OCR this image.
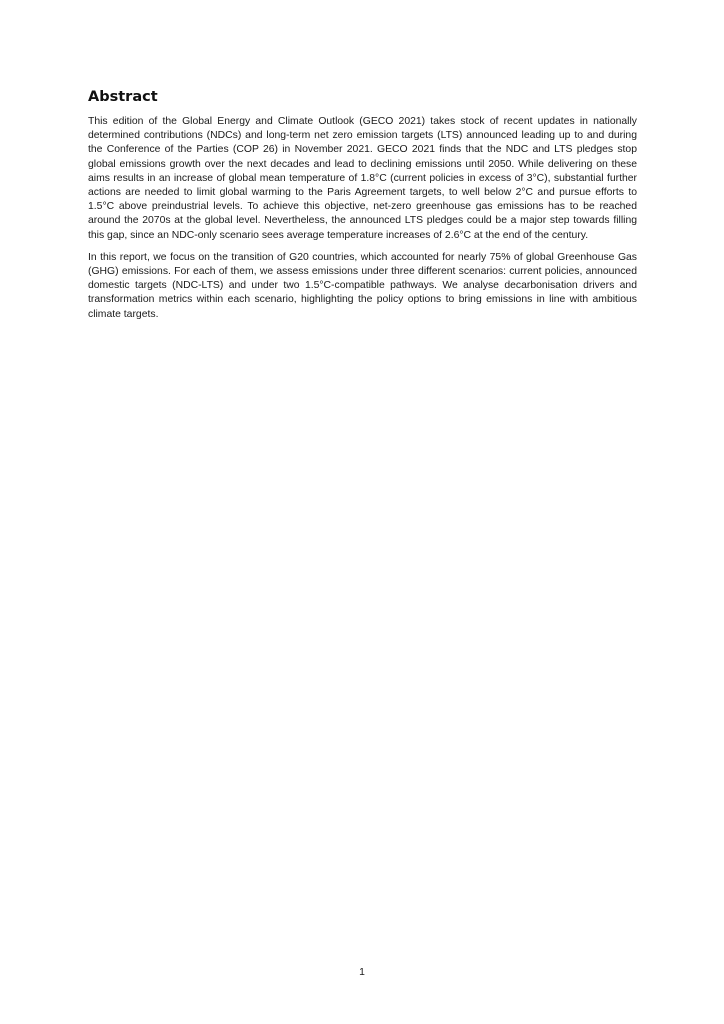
Abstract

This edition of the Global Energy and Climate Outlook (GECO 2021) takes stock of recent updates in nationally determined contributions (NDCs) and long-term net zero emission targets (LTS) announced leading up to and during the Conference of the Parties (COP 26) in November 2021. GECO 2021 finds that the NDC and LTS pledges stop global emissions growth over the next decades and lead to declining emissions until 2050. While delivering on these aims results in an increase of global mean temperature of 1.8°C (current policies in excess of 3°C), substantial further actions are needed to limit global warming to the Paris Agreement targets, to well below 2°C and pursue efforts to 1.5°C above preindustrial levels. To achieve this objective, net-zero greenhouse gas emissions has to be reached around the 2070s at the global level. Nevertheless, the announced LTS pledges could be a major step towards filling this gap, since an NDC-only scenario sees average temperature increases of 2.6°C at the end of the century.

In this report, we focus on the transition of G20 countries, which accounted for nearly 75% of global Greenhouse Gas (GHG) emissions. For each of them, we assess emissions under three different scenarios: current policies, announced domestic targets (NDC-LTS) and under two 1.5°C-compatible pathways. We analyse decarbonisation drivers and transformation metrics within each scenario, highlighting the policy options to bring emissions in line with ambitious climate targets.

1
